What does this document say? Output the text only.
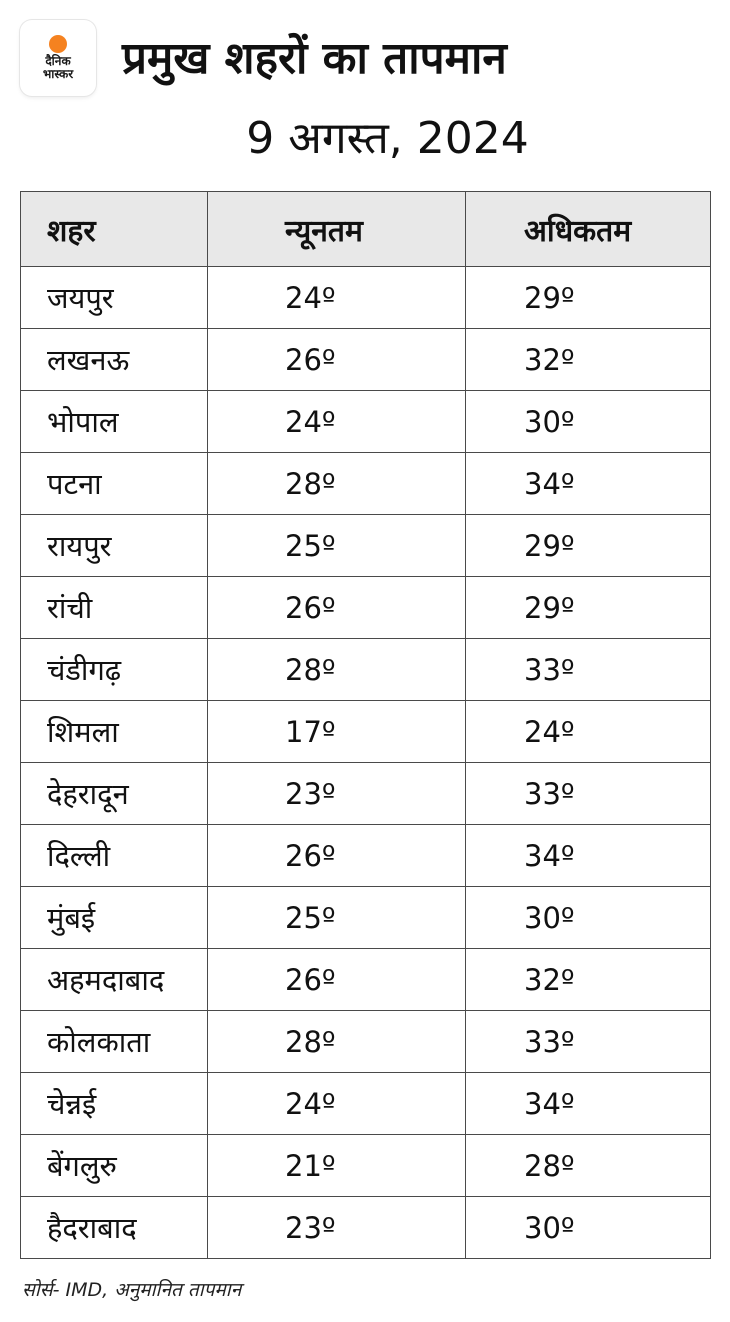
दैनिक
भास्कर प्रमुख शहरों का तापमान
9 अगस्त, 2024
शहर	न्यूनतम	अधिकतम
जयपुर	24º	29º
लखनऊ	26º	32º
भोपाल	24º	30º
पटना	28º	34º
रायपुर	25º	29º
रांची	26º	29º
चंडीगढ़	28º	33º
शिमला	17º	24º
देहरादून	23º	33º
दिल्ली	26º	34º
मुंबई	25º	30º
अहमदाबाद	26º	32º
कोलकाता	28º	33º
चेन्नई	24º	34º
बेंगलुरु	21º	28º
हैदराबाद	23º	30º
सोर्स- IMD, अनुमानित तापमान
